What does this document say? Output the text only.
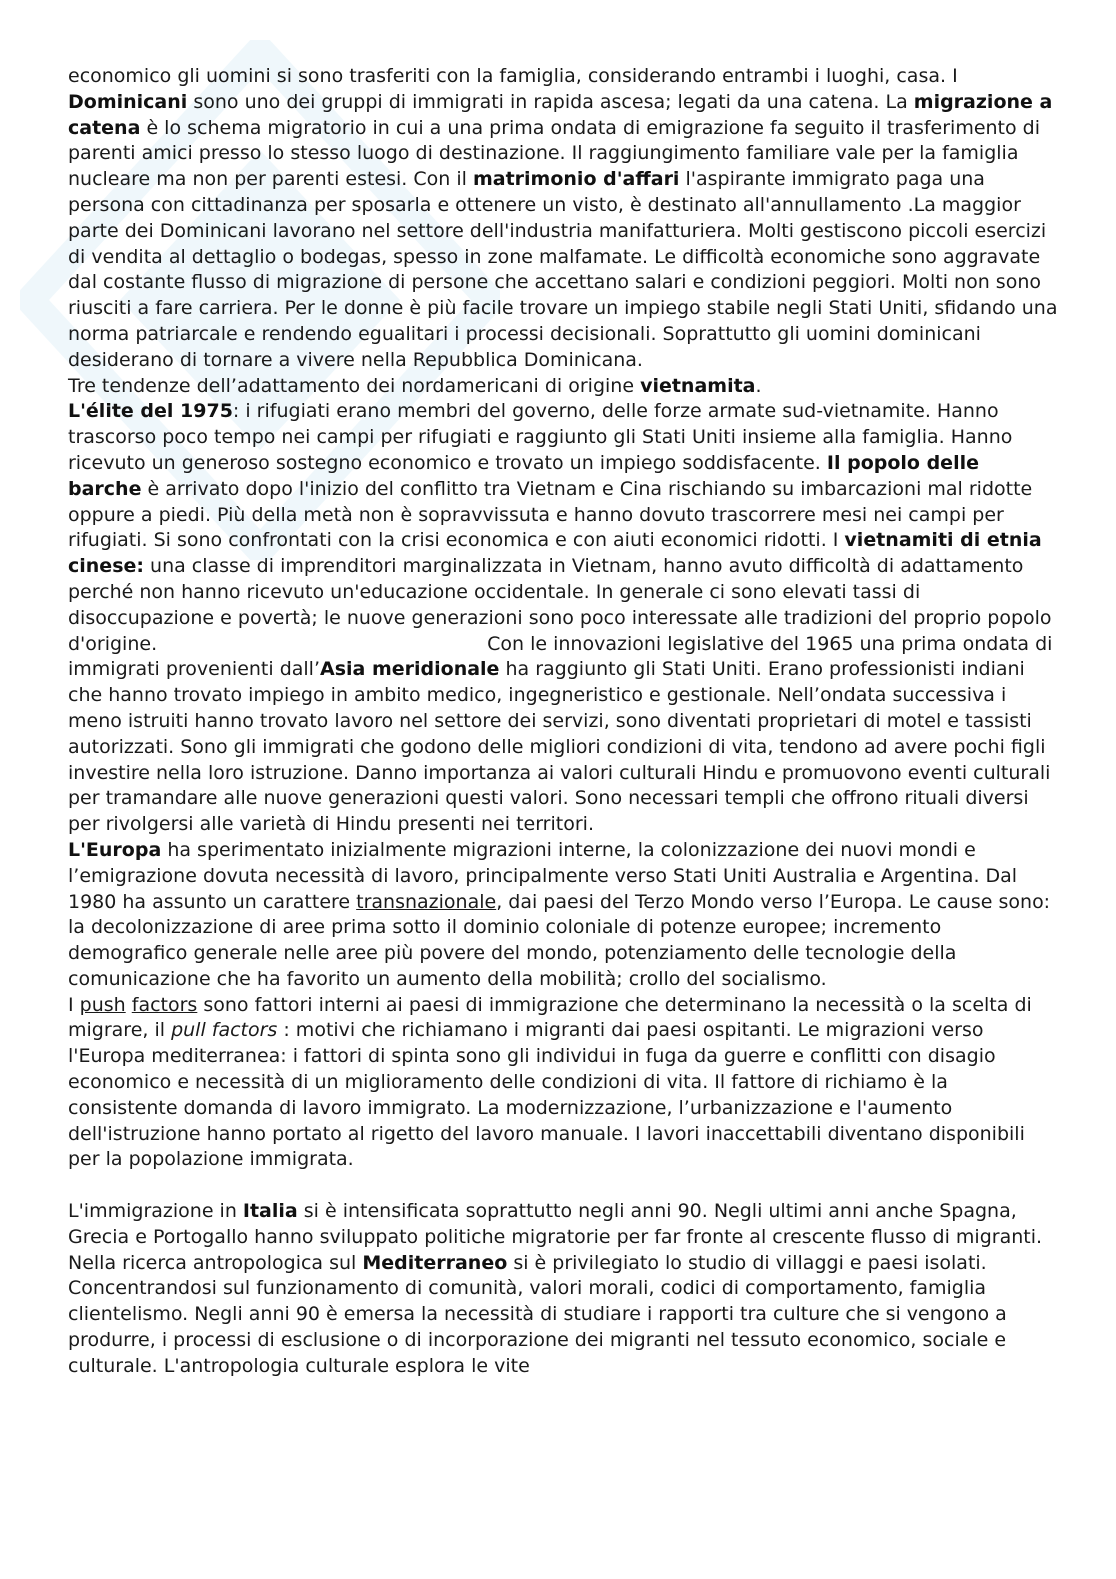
economico gli uomini si sono trasferiti con la famiglia, considerando entrambi i luoghi, casa. I Dominicani sono uno dei gruppi di immigrati in rapida ascesa; legati da una catena. La migrazione a catena è lo schema migratorio in cui a una prima ondata di emigrazione fa seguito il trasferimento di parenti amici presso lo stesso luogo di destinazione. Il raggiungimento familiare vale per la famiglia nucleare ma non per parenti estesi. Con il matrimonio d'affari l'aspirante immigrato paga una persona con cittadinanza per sposarla e ottenere un visto, è destinato all'annullamento .La maggior parte dei Dominicani lavorano nel settore dell'industria manifatturiera. Molti gestiscono piccoli esercizi di vendita al dettaglio o bodegas, spesso in zone malfamate. Le difficoltà economiche sono aggravate dal costante flusso di migrazione di persone che accettano salari e condizioni peggiori. Molti non sono riusciti a fare carriera. Per le donne è più facile trovare un impiego stabile negli Stati Uniti, sfidando una norma patriarcale e rendendo egualitari i processi decisionali. Soprattutto gli uomini dominicani desiderano di tornare a vivere nella Repubblica Dominicana.

Tre tendenze dell’adattamento dei nordamericani di origine vietnamita.

L'élite del 1975: i rifugiati erano membri del governo, delle forze armate sud-vietnamite. Hanno trascorso poco tempo nei campi per rifugiati e raggiunto gli Stati Uniti insieme alla famiglia. Hanno ricevuto un generoso sostegno economico e trovato un impiego soddisfacente. Il popolo delle barche è arrivato dopo l'inizio del conflitto tra Vietnam e Cina rischiando su imbarcazioni mal ridotte oppure a piedi. Più della metà non è sopravvissuta e hanno dovuto trascorrere mesi nei campi per rifugiati. Si sono confrontati con la crisi economica e con aiuti economici ridotti. I vietnamiti di etnia cinese: una classe di imprenditori marginalizzata in Vietnam, hanno avuto difficoltà di adattamento perché non hanno ricevuto un'educazione occidentale. In generale ci sono elevati tassi di disoccupazione e povertà; le nuove generazioni sono poco interessate alle tradizioni del proprio popolo d'origine.	Con le innovazioni legislative del 1965 una prima ondata di immigrati provenienti dall’Asia meridionale ha raggiunto gli Stati Uniti. Erano professionisti indiani che hanno trovato impiego in ambito medico, ingegneristico e gestionale. Nell’ondata successiva i meno istruiti hanno trovato lavoro nel settore dei servizi, sono diventati proprietari di motel e tassisti autorizzati. Sono gli immigrati che godono delle migliori condizioni di vita, tendono ad avere pochi figli investire nella loro istruzione. Danno importanza ai valori culturali Hindu e promuovono eventi culturali per tramandare alle nuove generazioni questi valori. Sono necessari templi che offrono rituali diversi per rivolgersi alle varietà di Hindu presenti nei territori.

L'Europa ha sperimentato inizialmente migrazioni interne, la colonizzazione dei nuovi mondi e l’emigrazione dovuta necessità di lavoro, principalmente verso Stati Uniti Australia e Argentina. Dal 1980 ha assunto un carattere transnazionale, dai paesi del Terzo Mondo verso l’Europa. Le cause sono: la decolonizzazione di aree prima sotto il dominio coloniale di potenze europee; incremento demografico generale nelle aree più povere del mondo, potenziamento delle tecnologie della comunicazione che ha favorito un aumento della mobilità; crollo del socialismo.

I push factors sono fattori interni ai paesi di immigrazione che determinano la necessità o la scelta di migrare, il pull factors : motivi che richiamano i migranti dai paesi ospitanti. Le migrazioni verso l'Europa mediterranea: i fattori di spinta sono gli individui in fuga da guerre e conflitti con disagio economico e necessità di un miglioramento delle condizioni di vita. Il fattore di richiamo è la consistente domanda di lavoro immigrato. La modernizzazione, l’urbanizzazione e l'aumento dell'istruzione hanno portato al rigetto del lavoro manuale. I lavori inaccettabili diventano disponibili per la popolazione immigrata.

L'immigrazione in Italia si è intensificata soprattutto negli anni 90. Negli ultimi anni anche Spagna, Grecia e Portogallo hanno sviluppato politiche migratorie per far fronte al crescente flusso di migranti. Nella ricerca antropologica sul Mediterraneo si è privilegiato lo studio di villaggi e paesi isolati. Concentrandosi sul funzionamento di comunità, valori morali, codici di comportamento, famiglia clientelismo. Negli anni 90 è emersa la necessità di studiare i rapporti tra culture che si vengono a produrre, i processi di esclusione o di incorporazione dei migranti nel tessuto economico, sociale e culturale. L'antropologia culturale esplora le vite
